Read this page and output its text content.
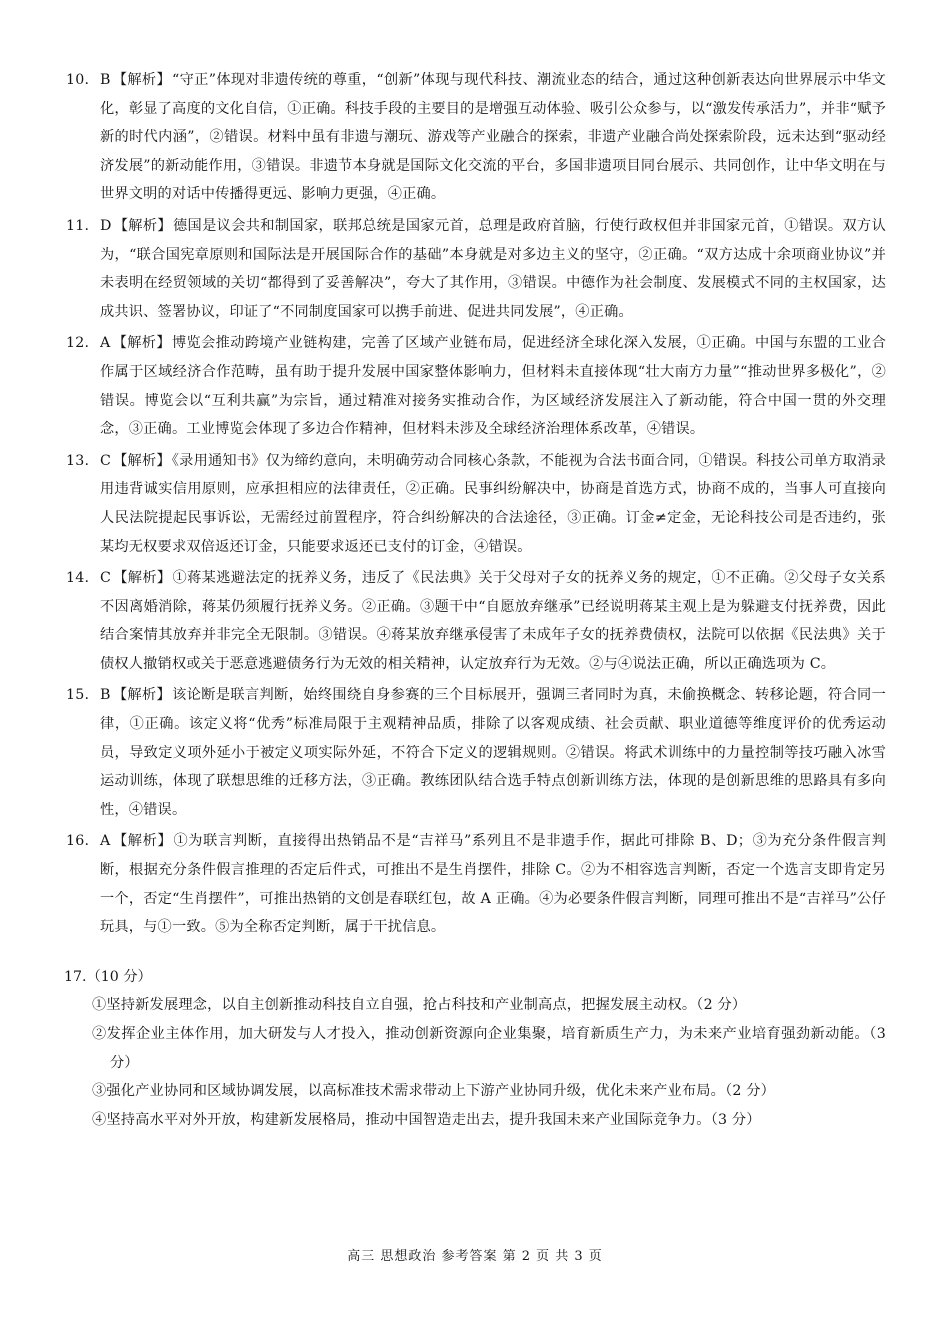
10. B 【解析】“守正”体现对非遗传统的尊重，“创新”体现与现代科技、潮流业态的结合，通过这种创新表达向世界展示中华文化，彰显了高度的文化自信，①正确。科技手段的主要目的是增强互动体验、吸引公众参与，以“激发传承活力”，并非“赋予新的时代内涵”，②错误。材料中虽有非遗与潮玩、游戏等产业融合的探索，非遗产业融合尚处探索阶段，远未达到“驱动经济发展”的新动能作用，③错误。非遗节本身就是国际文化交流的平台，多国非遗项目同台展示、共同创作，让中华文明在与世界文明的对话中传播得更远、影响力更强，④正确。
11. D 【解析】德国是议会共和制国家，联邦总统是国家元首，总理是政府首脑，行使行政权但并非国家元首，①错误。双方认为，“联合国宪章原则和国际法是开展国际合作的基础”本身就是对多边主义的坚守，②正确。“双方达成十余项商业协议”并未表明在经贸领域的关切“都得到了妥善解决”，夸大了其作用，③错误。中德作为社会制度、发展模式不同的主权国家，达成共识、签署协议，印证了“不同制度国家可以携手前进、促进共同发展”，④正确。
12. A 【解析】博览会推动跨境产业链构建，完善了区域产业链布局，促进经济全球化深入发展，①正确。中国与东盟的工业合作属于区域经济合作范畴，虽有助于提升发展中国家整体影响力，但材料未直接体现“壮大南方力量”“推动世界多极化”，②错误。博览会以“互利共赢”为宗旨，通过精准对接务实推动合作，为区域经济发展注入了新动能，符合中国一贯的外交理念，③正确。工业博览会体现了多边合作精神，但材料未涉及全球经济治理体系改革，④错误。
13. C 【解析】《录用通知书》仅为缔约意向，未明确劳动合同核心条款，不能视为合法书面合同，①错误。科技公司单方取消录用违背诚实信用原则，应承担相应的法律责任，②正确。民事纠纷解决中，协商是首选方式，协商不成的，当事人可直接向人民法院提起民事诉讼，无需经过前置程序，符合纠纷解决的合法途径，③正确。订金≠定金，无论科技公司是否违约，张某均无权要求双倍返还订金，只能要求返还已支付的订金，④错误。
14. C 【解析】①蒋某逃避法定的抚养义务，违反了《民法典》关于父母对子女的抚养义务的规定，①不正确。②父母子女关系不因离婚消除，蒋某仍须履行抚养义务。②正确。③题干中“自愿放弃继承”已经说明蒋某主观上是为躲避支付抚养费，因此结合案情其放弃并非完全无限制。③错误。④蒋某放弃继承侵害了未成年子女的抚养费债权，法院可以依据《民法典》关于债权人撤销权或关于恶意逃避债务行为无效的相关精神，认定放弃行为无效。②与④说法正确，所以正确选项为 C。
15. B 【解析】该论断是联言判断，始终围绕自身参赛的三个目标展开，强调三者同时为真，未偷换概念、转移论题，符合同一律，①正确。该定义将“优秀”标准局限于主观精神品质，排除了以客观成绩、社会贡献、职业道德等维度评价的优秀运动员，导致定义项外延小于被定义项实际外延，不符合下定义的逻辑规则。②错误。将武术训练中的力量控制等技巧融入冰雪运动训练，体现了联想思维的迁移方法，③正确。教练团队结合选手特点创新训练方法，体现的是创新思维的思路具有多向性，④错误。
16. A 【解析】①为联言判断，直接得出热销品不是“吉祥马”系列且不是非遗手作，据此可排除 B、D；③为充分条件假言判断，根据充分条件假言推理的否定后件式，可推出不是生肖摆件，排除 C。②为不相容选言判断，否定一个选言支即肯定另一个，否定“生肖摆件”，可推出热销的文创是春联红包，故 A 正确。④为必要条件假言判断，同理可推出不是“吉祥马”公仔玩具，与①一致。⑤为全称否定判断，属于干扰信息。
17.（10 分）
①坚持新发展理念，以自主创新推动科技自立自强，抢占科技和产业制高点，把握发展主动权。（2 分）
②发挥企业主体作用，加大研发与人才投入，推动创新资源向企业集聚，培育新质生产力，为未来产业培育强劲新动能。（3 分）
③强化产业协同和区域协调发展，以高标准技术需求带动上下游产业协同升级，优化未来产业布局。（2 分）
④坚持高水平对外开放，构建新发展格局，推动中国智造走出去，提升我国未来产业国际竞争力。（3 分）
高三 思想政治 参考答案 第 2 页 共 3 页
